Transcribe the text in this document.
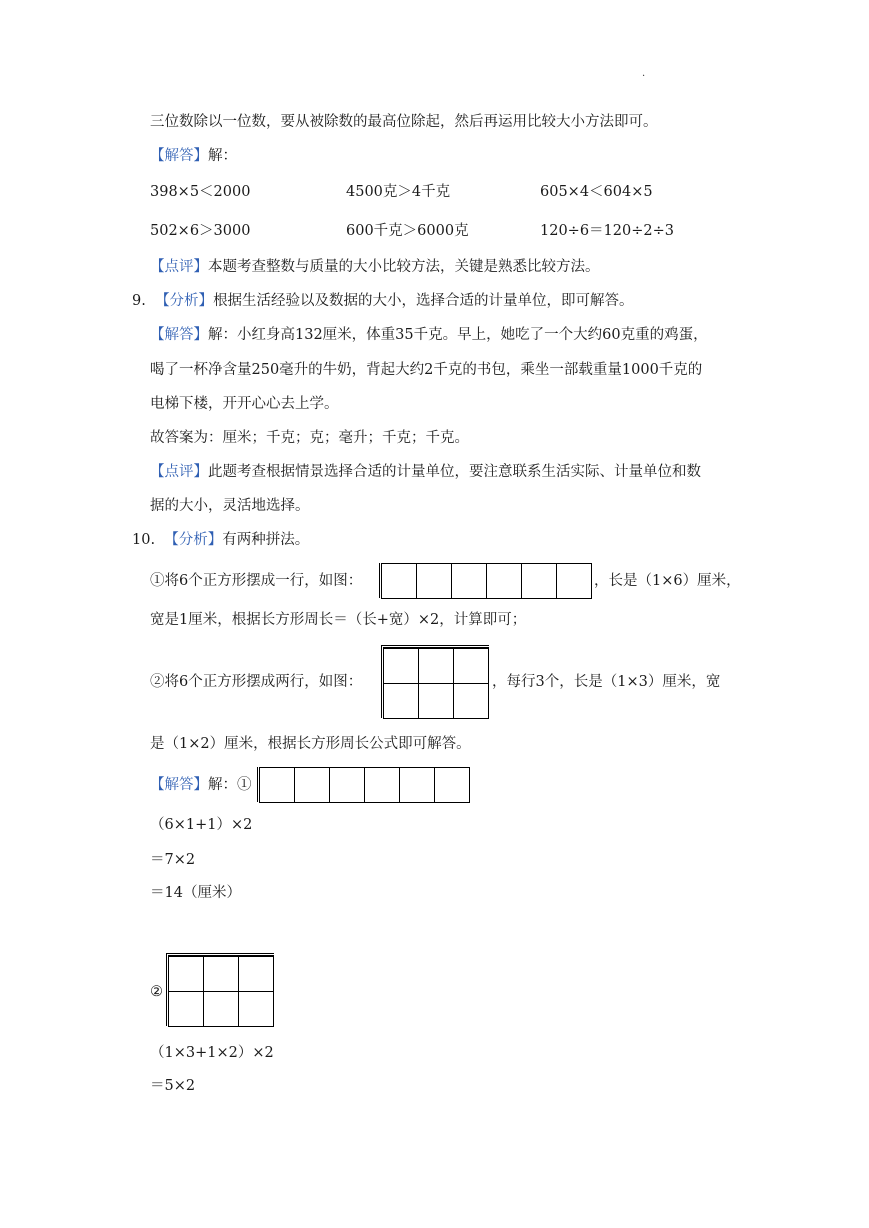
.
三位数除以一位数，要从被除数的最高位除起，然后再运用比较大小方法即可。
【解答】解：
398×5＜2000	4500克＞4千克	605×4＜604×5
502×6＞3000	600千克＞6000克	120÷6＝120÷2÷3
【点评】本题考查整数与质量的大小比较方法，关键是熟悉比较方法。
9. 【分析】根据生活经验以及数据的大小，选择合适的计量单位，即可解答。
【解答】解：小红身高132厘米，体重35千克。早上，她吃了一个大约60克重的鸡蛋，
喝了一杯净含量250毫升的牛奶，背起大约2千克的书包，乘坐一部载重量1000千克的
电梯下楼，开开心心去上学。
故答案为：厘米；千克；克；毫升；千克；千克。
【点评】此题考查根据情景选择合适的计量单位，要注意联系生活实际、计量单位和数
据的大小，灵活地选择。
10. 【分析】有两种拼法。
①将6个正方形摆成一行，如图：	，长是（1×6）厘米，
宽是1厘米，根据长方形周长＝（长+宽）×2，计算即可；
②将6个正方形摆成两行，如图：	，每行3个，长是（1×3）厘米，宽
是（1×2）厘米，根据长方形周长公式即可解答。
【解答】解：①
（6×1+1）×2
＝7×2
＝14（厘米）
②
（1×3+1×2）×2
＝5×2
